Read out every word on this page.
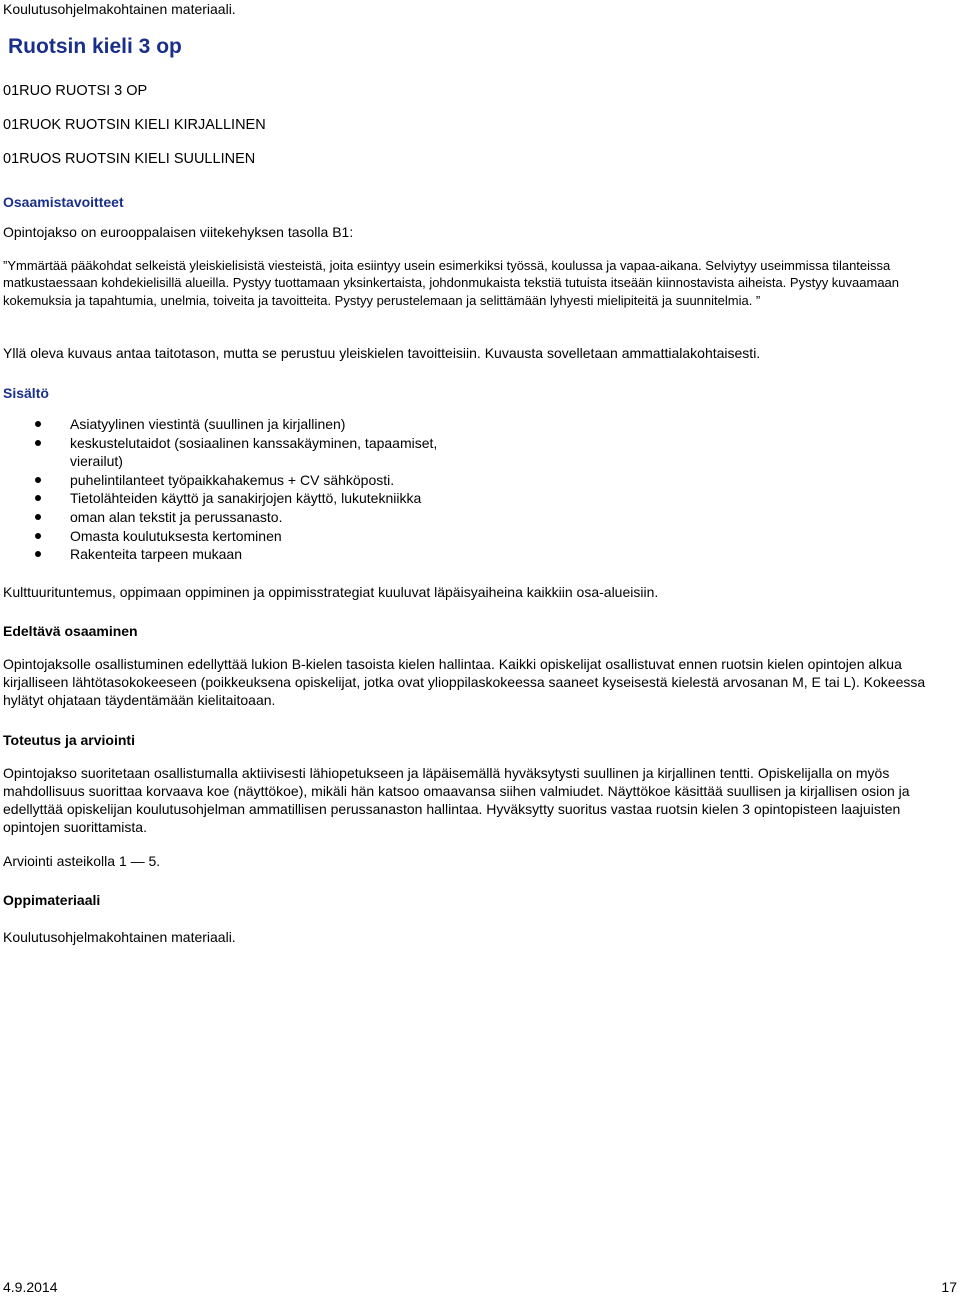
Koulutusohjelmakohtainen materiaali.
Ruotsin kieli 3 op
01RUO RUOTSI 3 OP
01RUOK RUOTSIN KIELI KIRJALLINEN
01RUOS RUOTSIN KIELI SUULLINEN
Osaamistavoitteet
Opintojakso on eurooppalaisen viitekehyksen tasolla B1:
”Ymmärtää pääkohdat selkeistä yleiskielisistä viesteistä, joita esiintyy usein esimerkiksi työssä, koulussa ja vapaa-aikana. Selviytyy useimmissa tilanteissa matkustaessaan kohdekielisillä alueilla. Pystyy tuottamaan yksinkertaista, johdonmukaista tekstiä tutuista itseään kiinnostavista aiheista. Pystyy kuvaamaan kokemuksia ja tapahtumia, unelmia, toiveita ja tavoitteita. Pystyy perustelemaan ja selittämään lyhyesti mielipiteitä ja suunnitelmia. ”
Yllä oleva kuvaus antaa taitotason, mutta se perustuu yleiskielen tavoitteisiin. Kuvausta sovelletaan ammattialakohtaisesti.
Sisältö
Asiatyylinen viestintä (suullinen ja kirjallinen)
keskustelutaidot (sosiaalinen kanssakäyminen, tapaamiset, vierailut)
puhelintilanteet työpaikkahakemus + CV sähköposti.
Tietolähteiden käyttö ja sanakirjojen käyttö, lukutekniikka
oman alan tekstit ja perussanasto.
Omasta koulutuksesta kertominen
Rakenteita tarpeen mukaan
Kulttuurituntemus, oppimaan oppiminen ja oppimisstrategiat kuuluvat läpäisyaiheina kaikkiin osa-alueisiin.
Edeltävä osaaminen
Opintojaksolle osallistuminen edellyttää lukion B-kielen tasoista kielen hallintaa. Kaikki opiskelijat osallistuvat ennen ruotsin kielen opintojen alkua kirjalliseen lähtötasokokeeseen (poikkeuksena opiskelijat, jotka ovat ylioppilaskokeessa saaneet kyseisestä kielestä arvosanan M, E tai L). Kokeessa hylätyt ohjataan täydentämään kielitaitoaan.
Toteutus ja arviointi
Opintojakso suoritetaan osallistumalla aktiivisesti lähiopetukseen ja läpäisemällä hyväksytysti suullinen ja kirjallinen tentti. Opiskelijalla on myös mahdollisuus suorittaa korvaava koe (näyttökoe), mikäli hän katsoo omaavansa siihen valmiudet. Näyttökoe käsittää suullisen ja kirjallisen osion ja edellyttää opiskelijan koulutusohjelman ammatillisen perussanaston hallintaa. Hyväksytty suoritus vastaa ruotsin kielen 3 opintopisteen laajuisten opintojen suorittamista.
Arviointi asteikolla 1 — 5.
Oppimateriaali
Koulutusohjelmakohtainen materiaali.
4.9.2014	17
